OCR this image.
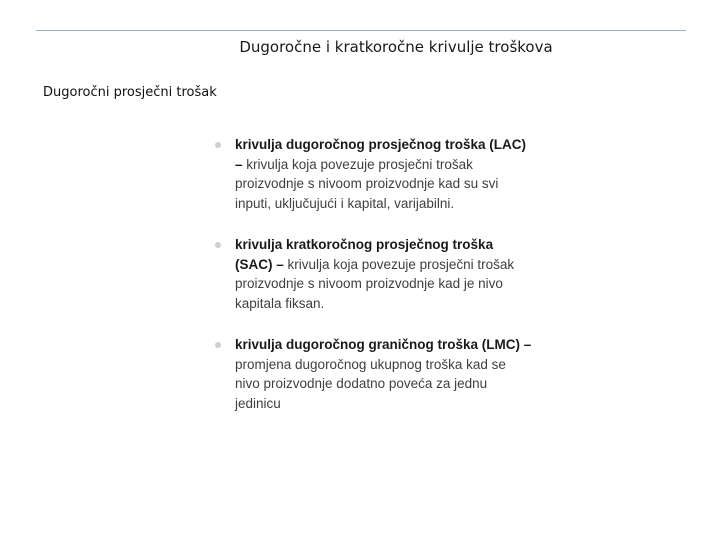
Dugoročne i kratkoročne krivulje troškova
Dugoročni prosječni trošak
krivulja dugoročnog prosječnog troška (LAC) – krivulja koja povezuje prosječni trošak proizvodnje s nivoom proizvodnje kad su svi inputi, uključujući i kapital, varijabilni.
krivulja kratkoročnog prosječnog troška (SAC) – krivulja koja povezuje prosječni trošak proizvodnje s nivoom proizvodnje kad je nivo kapitala fiksan.
krivulja dugoročnog graničnog troška (LMC) – promjena dugoročnog ukupnog troška kad se nivo proizvodnje dodatno poveća za jednu jedinicu
